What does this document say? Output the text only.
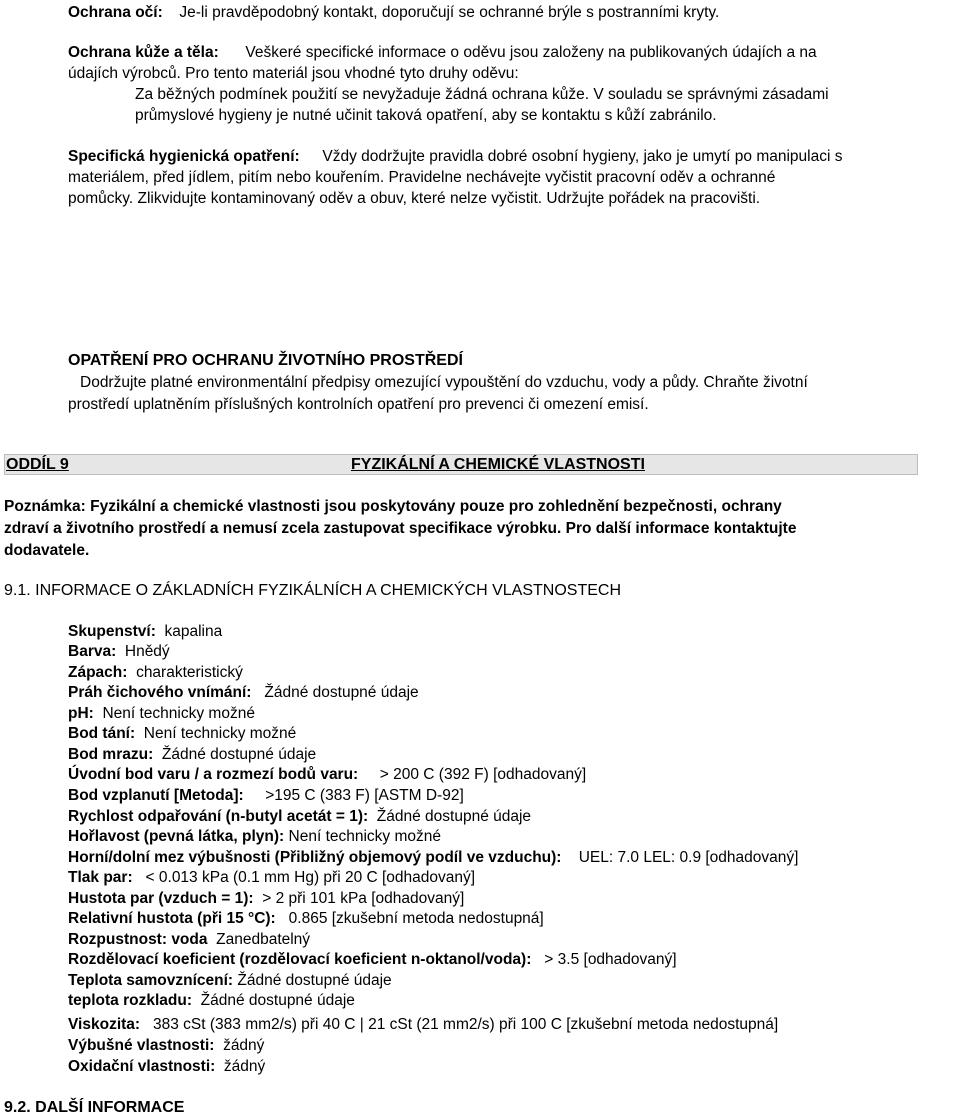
Ochrana očí: Je-li pravděpodobný kontakt, doporučují se ochranné brýle s postranními kryty.
Ochrana kůže a těla: Veškeré specifické informace o oděvu jsou založeny na publikovaných údajích a na
údajích výrobců. Pro tento materiál jsou vhodné tyto druhy oděvu:
Za běžných podmínek použití se nevyžaduje žádná ochrana kůže. V souladu se správnými zásadami
průmyslové hygieny je nutné učinit taková opatření, aby se kontaktu s kůží zabránilo.
Specifická hygienická opatření: Vždy dodržujte pravidla dobré osobní hygieny, jako je umytí po manipulaci s
materiálem, před jídlem, pitím nebo kouřením. Pravidelne nechávejte vyčistit pracovní oděv a ochranné
pomůcky. Zlikvidujte kontaminovaný oděv a obuv, které nelze vyčistit. Udržujte pořádek na pracovišti.
OPATŘENÍ PRO OCHRANU ŽIVOTNÍHO PROSTŘEDÍ
Dodržujte platné environmentální předpisy omezující vypouštění do vzduchu, vody a půdy. Chraňte životní
prostředí uplatněním příslušných kontrolních opatření pro prevenci či omezení emisí.
ODDÍL 9	FYZIKÁLNÍ A CHEMICKÉ VLASTNOSTI
Poznámka: Fyzikální a chemické vlastnosti jsou poskytovány pouze pro zohlednění bezpečnosti, ochrany
zdraví a životního prostředí a nemusí zcela zastupovat specifikace výrobku. Pro další informace kontaktujte
dodavatele.
9.1. INFORMACE O ZÁKLADNÍCH FYZIKÁLNÍCH A CHEMICKÝCH VLASTNOSTECH
Skupenství: kapalina
Barva: Hnědý
Zápach: charakteristický
Práh čichového vnímání: Žádné dostupné údaje
pH: Není technicky možné
Bod tání: Není technicky možné
Bod mrazu: Žádné dostupné údaje
Úvodní bod varu / a rozmezí bodů varu: > 200 C (392 F) [odhadovaný]
Bod vzplanutí [Metoda]: >195 C (383 F) [ASTM D-92]
Rychlost odpařování (n-butyl acetát = 1): Žádné dostupné údaje
Hořlavost (pevná látka, plyn): Není technicky možné
Horní/dolní mez výbušnosti (Přibližný objemový podíl ve vzduchu): UEL: 7.0 LEL: 0.9 [odhadovaný]
Tlak par: < 0.013 kPa (0.1 mm Hg) při 20 C [odhadovaný]
Hustota par (vzduch = 1): > 2 při 101 kPa [odhadovaný]
Relativní hustota (při 15 °C): 0.865 [zkušební metoda nedostupná]
Rozpustnost: voda Zanedbatelný
Rozdělovací koeficient (rozdělovací koeficient n-oktanol/voda): > 3.5 [odhadovaný]
Teplota samovznícení: Žádné dostupné údaje
teplota rozkladu: Žádné dostupné údaje
Viskozita: 383 cSt (383 mm2/s) při 40 C | 21 cSt (21 mm2/s) při 100 C [zkušební metoda nedostupná]
Výbušné vlastnosti: žádný
Oxidační vlastnosti: žádný
9.2. DALŠÍ INFORMACE
